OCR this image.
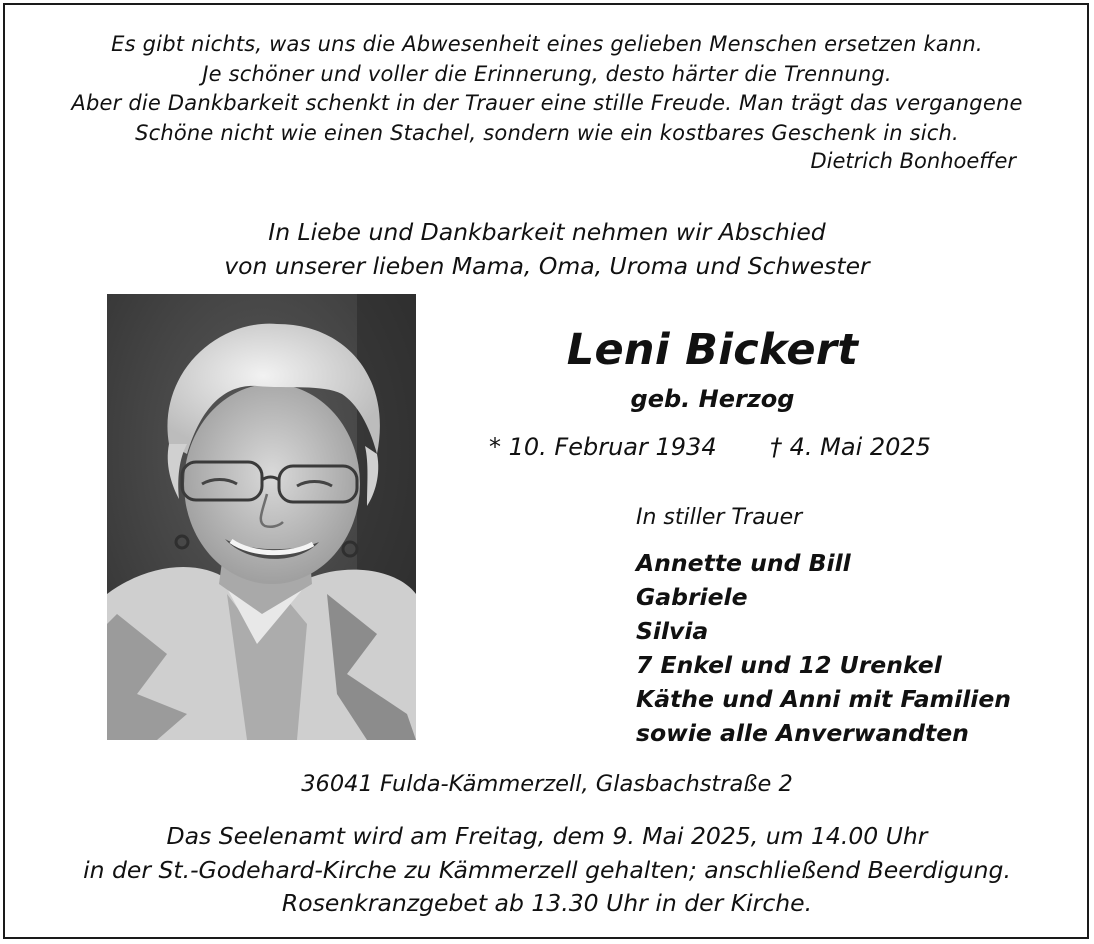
Es gibt nichts, was uns die Abwesenheit eines gelieben Menschen ersetzen kann.
Je schöner und voller die Erinnerung, desto härter die Trennung.
Aber die Dankbarkeit schenkt in der Trauer eine stille Freude. Man trägt das vergangene
Schöne nicht wie einen Stachel, sondern wie ein kostbares Geschenk in sich.
Dietrich Bonhoeffer
In Liebe und Dankbarkeit nehmen wir Abschied
von unserer lieben Mama, Oma, Uroma und Schwester
Leni Bickert
geb. Herzog
* 10. Februar 1934 † 4. Mai 2025
In stiller Trauer
Annette und Bill
Gabriele
Silvia
7 Enkel und 12 Urenkel
Käthe und Anni mit Familien
sowie alle Anverwandten
36041 Fulda-Kämmerzell, Glasbachstraße 2
Das Seelenamt wird am Freitag, dem 9. Mai 2025, um 14.00 Uhr
in der St.-Godehard-Kirche zu Kämmerzell gehalten; anschließend Beerdigung.
Rosenkranzgebet ab 13.30 Uhr in der Kirche.
